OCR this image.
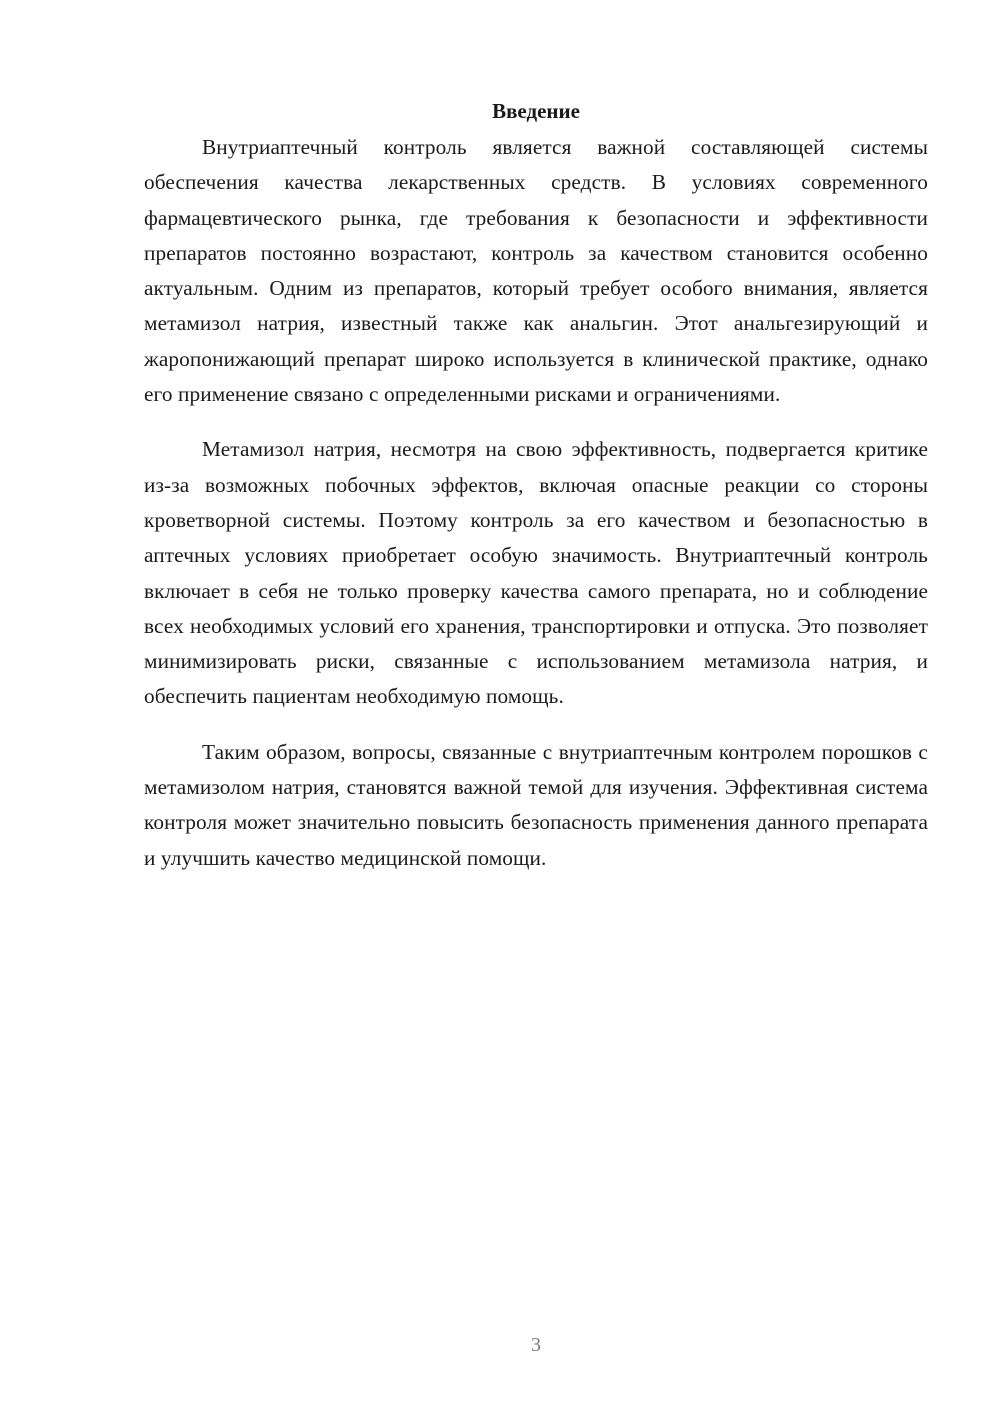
Введение

Внутриаптечный контроль является важной составляющей системы обеспечения качества лекарственных средств. В условиях современного фармацевтического рынка, где требования к безопасности и эффективности препаратов постоянно возрастают, контроль за качеством становится особенно актуальным. Одним из препаратов, который требует особого внимания, является метамизол натрия, известный также как анальгин. Этот анальгезирующий и жаропонижающий препарат широко используется в клинической практике, однако его применение связано с определенными рисками и ограничениями.

Метамизол натрия, несмотря на свою эффективность, подвергается критике из-за возможных побочных эффектов, включая опасные реакции со стороны кроветворной системы. Поэтому контроль за его качеством и безопасностью в аптечных условиях приобретает особую значимость. Внутриаптечный контроль включает в себя не только проверку качества самого препарата, но и соблюдение всех необходимых условий его хранения, транспортировки и отпуска. Это позволяет минимизировать риски, связанные с использованием метамизола натрия, и обеспечить пациентам необходимую помощь.

Таким образом, вопросы, связанные с внутриаптечным контролем порошков с метамизолом натрия, становятся важной темой для изучения. Эффективная система контроля может значительно повысить безопасность применения данного препарата и улучшить качество медицинской помощи.

3
